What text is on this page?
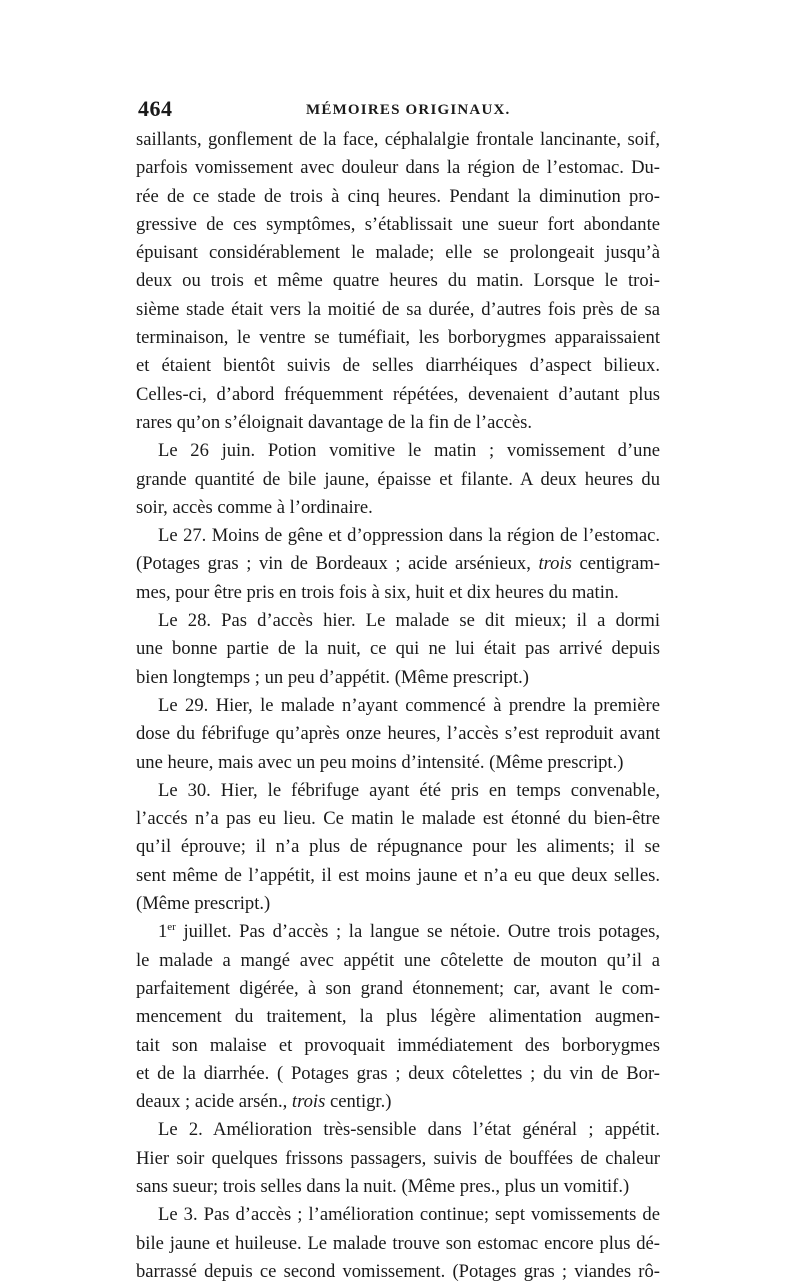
464	MÉMOIRES ORIGINAUX.
saillants, gonflement de la face, céphalalgie frontale lancinante, soif,
parfois vomissement avec douleur dans la région de l’estomac. Du-
rée de ce stade de trois à cinq heures. Pendant la diminution pro-
gressive de ces symptômes, s’établissait une sueur fort abondante
épuisant considérablement le malade; elle se prolongeait jusqu’à
deux ou trois et même quatre heures du matin. Lorsque le troi-
sième stade était vers la moitié de sa durée, d’autres fois près de sa
terminaison, le ventre se tuméfiait, les borborygmes apparaissaient
et étaient bientôt suivis de selles diarrhéiques d’aspect bilieux.
Celles-ci, d’abord fréquemment répétées, devenaient d’autant plus
rares qu’on s’éloignait davantage de la fin de l’accès.
Le 26 juin. Potion vomitive le matin ; vomissement d’une
grande quantité de bile jaune, épaisse et filante. A deux heures du
soir, accès comme à l’ordinaire.
Le 27. Moins de gêne et d’oppression dans la région de l’estomac.
(Potages gras ; vin de Bordeaux ; acide arsénieux, trois centigram-
mes, pour être pris en trois fois à six, huit et dix heures du matin.
Le 28. Pas d’accès hier. Le malade se dit mieux; il a dormi
une bonne partie de la nuit, ce qui ne lui était pas arrivé depuis
bien longtemps ; un peu d’appétit. (Même prescript.)
Le 29. Hier, le malade n’ayant commencé à prendre la première
dose du fébrifuge qu’après onze heures, l’accès s’est reproduit avant
une heure, mais avec un peu moins d’intensité. (Même prescript.)
Le 30. Hier, le fébrifuge ayant été pris en temps convenable,
l’accés n’a pas eu lieu. Ce matin le malade est étonné du bien-être
qu’il éprouve; il n’a plus de répugnance pour les aliments; il se
sent même de l’appétit, il est moins jaune et n’a eu que deux selles.
(Même prescript.)
1er juillet. Pas d’accès ; la langue se nétoie. Outre trois potages,
le malade a mangé avec appétit une côtelette de mouton qu’il a
parfaitement digérée, à son grand étonnement; car, avant le com-
mencement du traitement, la plus légère alimentation augmen-
tait son malaise et provoquait immédiatement des borborygmes
et de la diarrhée. ( Potages gras ; deux côtelettes ; du vin de Bor-
deaux ; acide arsén., trois centigr.)
Le 2. Amélioration très-sensible dans l’état général ; appétit.
Hier soir quelques frissons passagers, suivis de bouffées de chaleur
sans sueur; trois selles dans la nuit. (Même pres., plus un vomitif.)
Le 3. Pas d’accès ; l’amélioration continue; sept vomissements de
bile jaune et huileuse. Le malade trouve son estomac encore plus dé-
barrassé depuis ce second vomissement. (Potages gras ; viandes rô-
